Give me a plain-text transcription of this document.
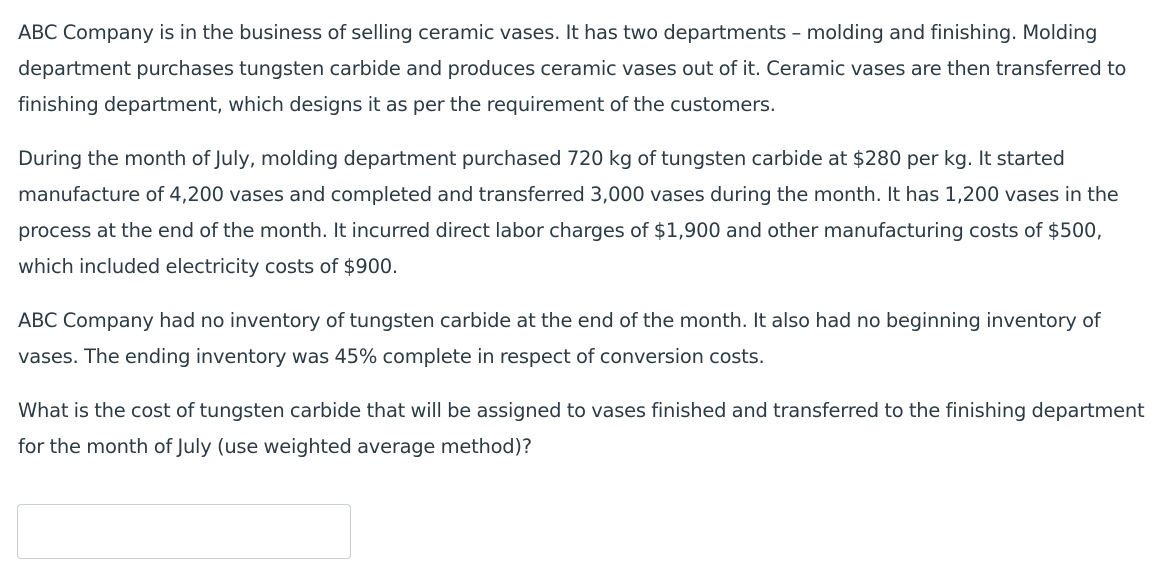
ABC Company is in the business of selling ceramic vases. It has two departments – molding and finishing. Molding department purchases tungsten carbide and produces ceramic vases out of it. Ceramic vases are then transferred to finishing department, which designs it as per the requirement of the customers.

During the month of July, molding department purchased 720 kg of tungsten carbide at $280 per kg. It started manufacture of 4,200 vases and completed and transferred 3,000 vases during the month. It has 1,200 vases in the process at the end of the month. It incurred direct labor charges of $1,900 and other manufacturing costs of $500, which included electricity costs of $900.

ABC Company had no inventory of tungsten carbide at the end of the month. It also had no beginning inventory of vases. The ending inventory was 45% complete in respect of conversion costs.

What is the cost of tungsten carbide that will be assigned to vases finished and transferred to the finishing department for the month of July (use weighted average method)?
